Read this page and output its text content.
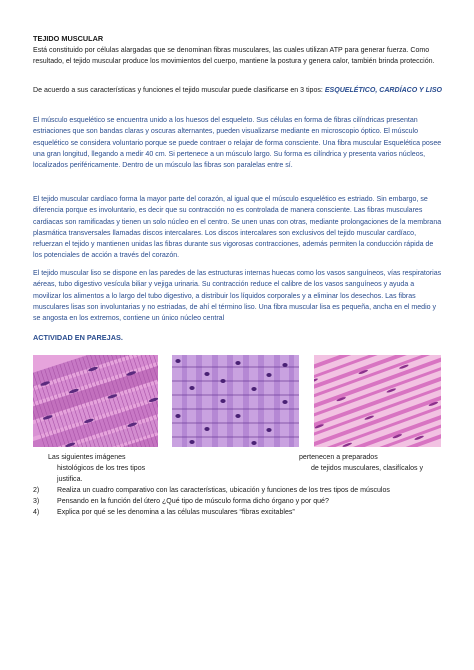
TEJIDO MUSCULAR

Está constituido por células alargadas que se denominan fibras musculares, las cuales utilizan ATP para generar fuerza. Como resultado, el tejido muscular produce los movimientos del cuerpo, mantiene la postura y genera calor, también brinda protección.

De acuerdo a sus características y funciones el tejido muscular puede clasificarse en 3 tipos: ESQUELÉTICO, CARDÍACO Y LISO

El músculo esquelético se encuentra unido a los huesos del esqueleto. Sus células en forma de fibras cilíndricas presentan estriaciones que son bandas claras y oscuras alternantes, pueden visualizarse mediante en microscopio óptico. El músculo esquelético se considera voluntario porque se puede contraer o relajar de forma consciente. Una fibra muscular Esquelética posee una gran longitud, llegando a medir 40 cm. Si pertenece a un músculo largo. Su forma es cilíndrica y presenta varios núcleos, localizados periféricamente. Dentro de un músculo las fibras son paralelas entre sí.

El tejido muscular cardíaco forma la mayor parte del corazón, al igual que el músculo esquelético es estriado. Sin embargo, se diferencia porque es involuntario, es decir que su contracción no es controlada de manera consciente. Las fibras musculares cardiacas son ramificadas y tienen un solo núcleo en el centro. Se unen unas con otras, mediante prolongaciones de la membrana plasmática transversales llamadas discos intercalares. Los discos intercalares son exclusivos del tejido muscular cardíaco, refuerzan el tejido y mantienen unidas las fibras durante sus vigorosas contracciones, además permiten la conducción rápida de los potenciales de acción a través del corazón.

El tejido muscular liso se dispone en las paredes de las estructuras internas huecas como los vasos sanguíneos, vías respiratorias aéreas, tubo digestivo vesícula biliar y vejiga urinaria. Su contracción reduce el calibre de los vasos sanguíneos y ayuda a movilizar los alimentos a lo largo del tubo digestivo, a distribuir los líquidos corporales y a eliminar los desechos. Las fibras musculares lisas son involuntarias y no estriadas, de ahí el término liso. Una fibra muscular lisa es pequeña, ancha en el medio y se angosta en los extremos, contiene un único núcleo central

ACTIVIDAD EN PAREJAS.

Las siguientes imágenes	pertenecen a preparados

histológicos de los tres tipos	de tejidos musculares, clasifícalos y

justifica.

2)	Realiza un cuadro comparativo con las características, ubicación y funciones de los tres tipos de músculos

3)	Pensando en la función del útero ¿Qué tipo de músculo forma dicho órgano y por qué?

4)	Explica por qué se les denomina a las células musculares “fibras excitables”
